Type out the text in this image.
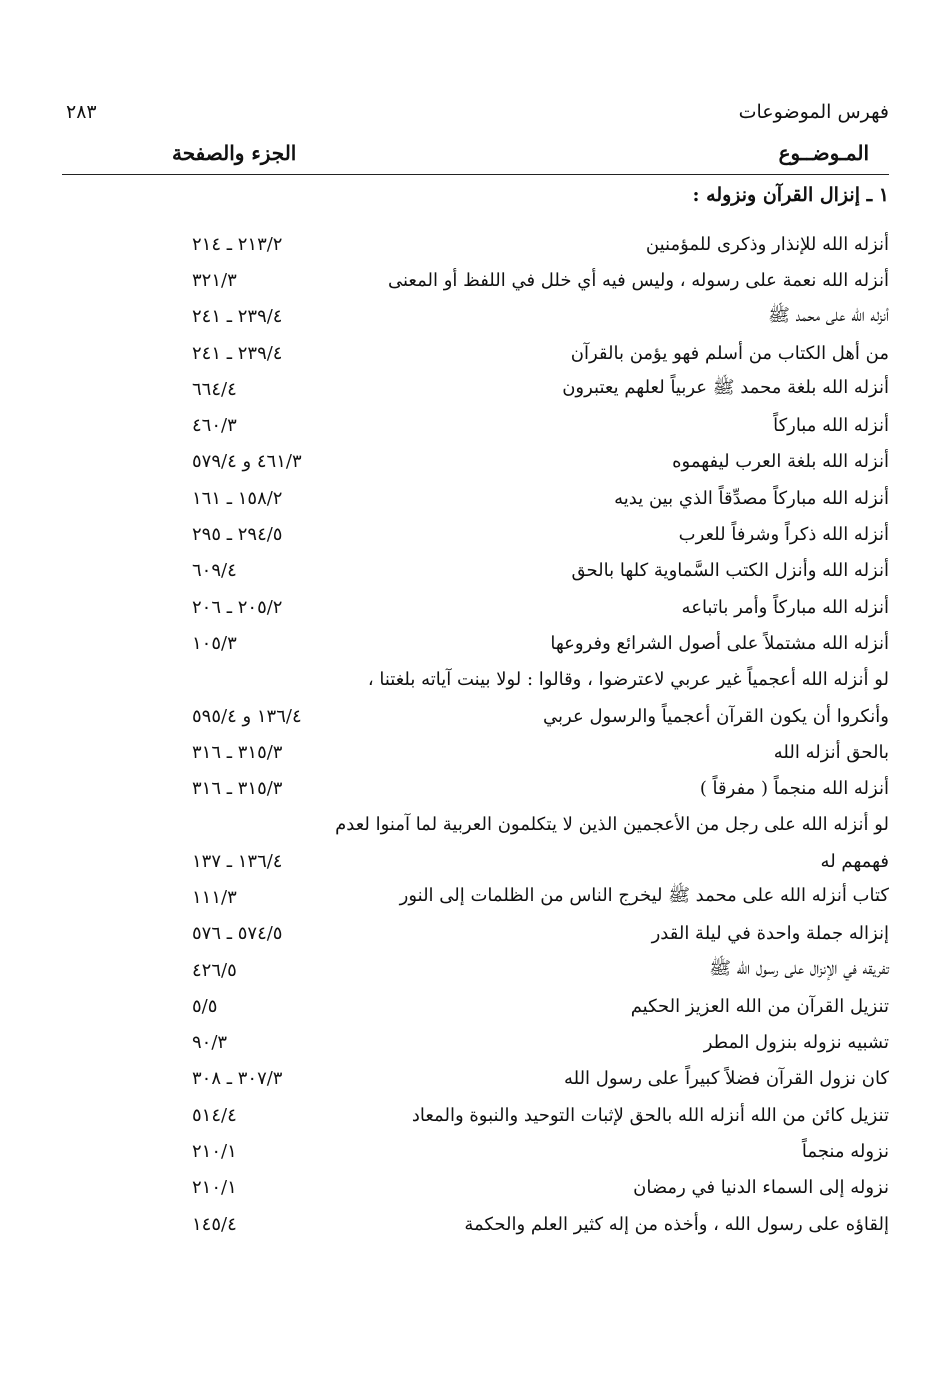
٢٨٣	فهرس الموضوعات
الجزء والصفحة	المـوضــوع
١ ـ إنزال القرآن ونزوله :
٢١٣/٢ ـ ٢١٤	أنزله الله للإنذار وذكرى للمؤمنين
٣٢١/٣	أنزله الله نعمة على رسوله ، وليس فيه أي خلل في اللفظ أو المعنى
٢٣٩/٤ ـ ٢٤١	أنزله الله على محمد ﷺ
٢٣٩/٤ ـ ٢٤١	من أهل الكتاب من أسلم فهو يؤمن بالقرآن
٦٦٤/٤	أنزله الله بلغة محمد ﷺ عربياً لعلهم يعتبرون
٤٦٠/٣	أنزله الله مباركاً
٤٦١/٣ و ٥٧٩/٤	أنزله الله بلغة العرب ليفهموه
١٥٨/٢ ـ ١٦١	أنزله الله مباركاً مصدِّقاً الذي بين يديه
٢٩٤/٥ ـ ٢٩٥	أنزله الله ذكراً وشرفاً للعرب
٦٠٩/٤	أنزله الله وأنزل الكتب السَّماوية كلها بالحق
٢٠٥/٢ ـ ٢٠٦	أنزله الله مباركاً وأمر باتباعه
١٠٥/٣	أنزله الله مشتملاً على أصول الشرائع وفروعها
لو أنزله الله أعجمياً غير عربي لاعترضوا ، وقالوا : لولا بينت آياته بلغتنا ،
١٣٦/٤ و ٥٩٥/٤	وأنكروا أن يكون القرآن أعجمياً والرسول عربي
٣١٥/٣ ـ ٣١٦	بالحق أنزله الله
٣١٥/٣ ـ ٣١٦	أنزله الله منجماً ( مفرقاً )
لو أنزله الله على رجل من الأعجمين الذين لا يتكلمون العربية لما آمنوا لعدم
١٣٦/٤ ـ ١٣٧	فهمهم له
١١١/٣	كتاب أنزله الله على محمد ﷺ ليخرج الناس من الظلمات إلى النور
٥٧٤/٥ ـ ٥٧٦	إنزاله جملة واحدة في ليلة القدر
٤٢٦/٥	تفريقه في الإنزال على رسول الله ﷺ
٥/٥	تنزيل القرآن من الله العزيز الحكيم
٩٠/٣	تشبيه نزوله بنزول المطر
٣٠٧/٣ ـ ٣٠٨	كان نزول القرآن فضلاً كبيراً على رسول الله
٥١٤/٤	تنزيل كائن من الله أنزله الله بالحق لإثبات التوحيد والنبوة والمعاد
٢١٠/١	نزوله منجماً
٢١٠/١	نزوله إلى السماء الدنيا في رمضان
١٤٥/٤	إلقاؤه على رسول الله ، وأخذه من إله كثير العلم والحكمة
